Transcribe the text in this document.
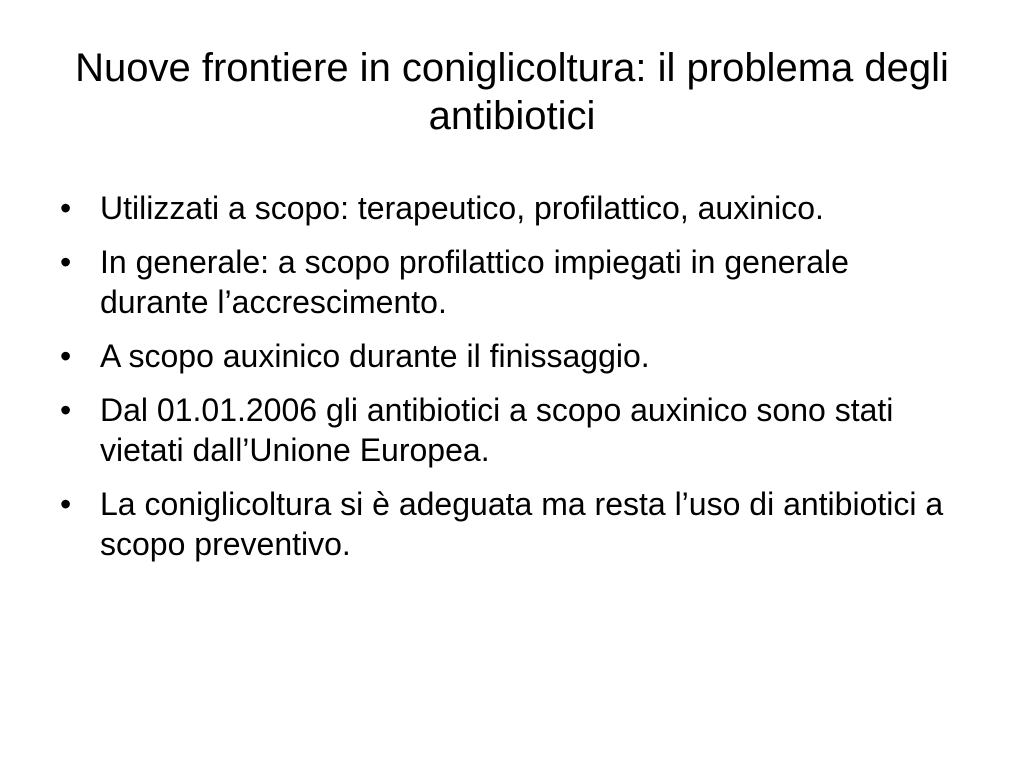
Nuove frontiere in coniglicoltura: il problema degli antibiotici
• Utilizzati a scopo: terapeutico, profilattico, auxinico.
• In generale: a scopo profilattico impiegati in generale durante l’accrescimento.
• A scopo auxinico durante il finissaggio.
• Dal 01.01.2006 gli antibiotici a scopo auxinico sono stati vietati dall’Unione Europea.
• La coniglicoltura si è adeguata ma resta l’uso di antibiotici a scopo preventivo.
